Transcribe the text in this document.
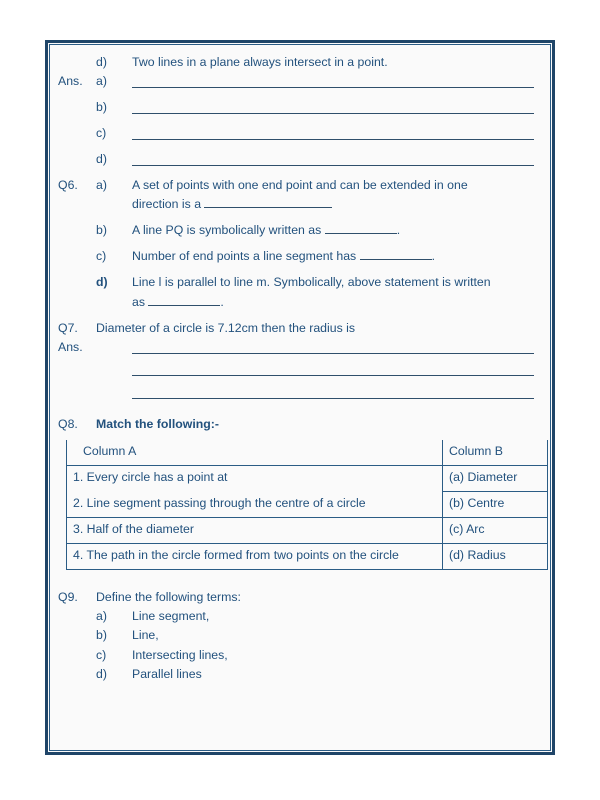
d)	Two lines in a plane always intersect in a point.
Ans.	a)
b)
c)
d)
Q6.	a)	A set of points with one end point and can be extended in one
direction is a
b)	A line PQ is symbolically written as	.
c)	Number of end points a line segment has	.
d)	Line l is parallel to line m. Symbolically, above statement is written
as	.
Q7.	Diameter of a circle is 7.12cm then the radius is
Ans.
Q8.	Match the following:-
Column A	Column B
1. Every circle has a point at	(a) Diameter
2. Line segment passing through the centre of a circle	(b) Centre
3. Half of the diameter	(c) Arc
4. The path in the circle formed from two points on the circle	(d) Radius
Q9.	Define the following terms:
a)	Line segment,
b)	Line,
c)	Intersecting lines,
d)	Parallel lines
